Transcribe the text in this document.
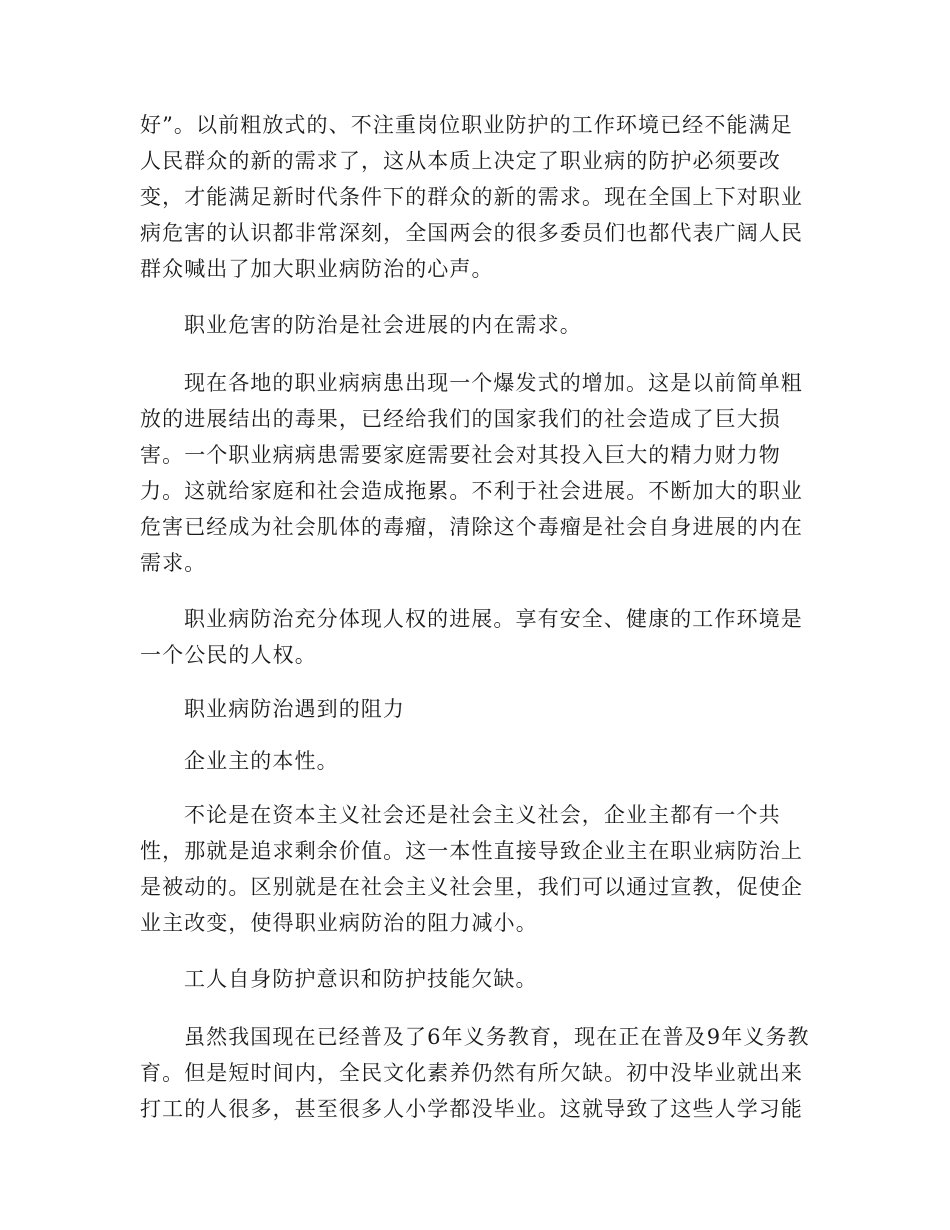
好”。以前粗放式的、不注重岗位职业防护的工作环境已经不能满足
人民群众的新的需求了，这从本质上决定了职业病的防护必须要改
变，才能满足新时代条件下的群众的新的需求。现在全国上下对职业
病危害的认识都非常深刻，全国两会的很多委员们也都代表广阔人民
群众喊出了加大职业病防治的心声。
职业危害的防治是社会进展的内在需求。
现在各地的职业病病患出现一个爆发式的增加。这是以前简单粗
放的进展结出的毒果，已经给我们的国家我们的社会造成了巨大损
害。一个职业病病患需要家庭需要社会对其投入巨大的精力财力物
力。这就给家庭和社会造成拖累。不利于社会进展。不断加大的职业
危害已经成为社会肌体的毒瘤，清除这个毒瘤是社会自身进展的内在
需求。
职业病防治充分体现人权的进展。享有安全、健康的工作环境是
一个公民的人权。
职业病防治遇到的阻力
企业主的本性。
不论是在资本主义社会还是社会主义社会，企业主都有一个共
性，那就是追求剩余价值。这一本性直接导致企业主在职业病防治上
是被动的。区别就是在社会主义社会里，我们可以通过宣教，促使企
业主改变，使得职业病防治的阻力减小。
工人自身防护意识和防护技能欠缺。
虽然我国现在已经普及了6年义务教育，现在正在普及9年义务教
育。但是短时间内，全民文化素养仍然有所欠缺。初中没毕业就出来
打工的人很多，甚至很多人小学都没毕业。这就导致了这些人学习能
